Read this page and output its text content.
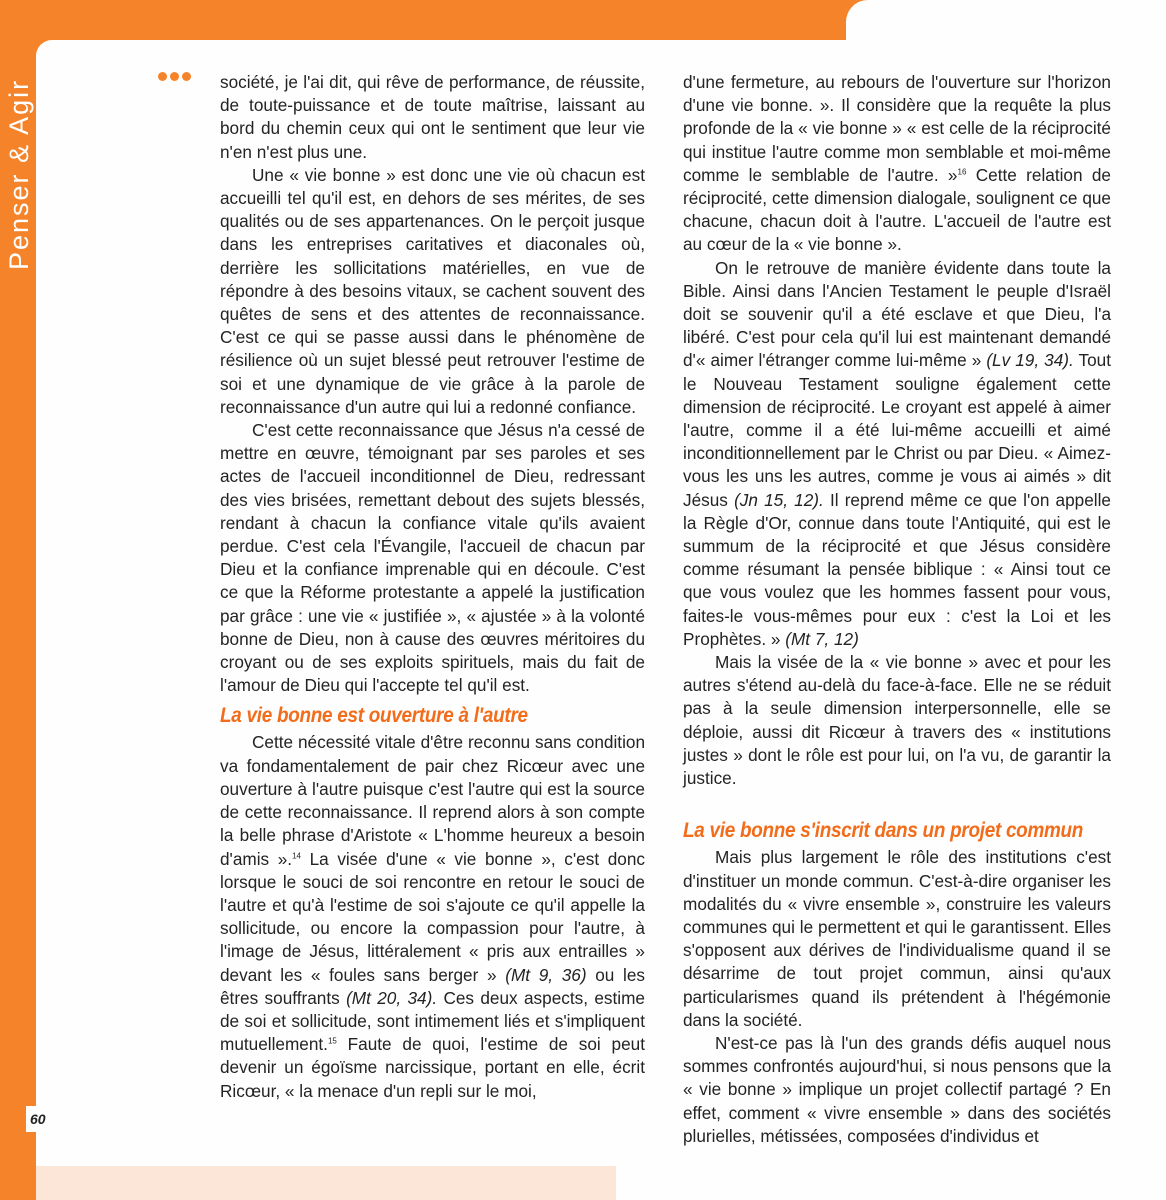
Penser & Agir	société, je l'ai dit, qui rêve de performance, de réussite, de toute-puissance et de toute maîtrise, laissant au bord du chemin ceux qui ont le sentiment que leur vie n'en n'est plus une.

Une « vie bonne » est donc une vie où chacun est accueilli tel qu'il est, en dehors de ses mérites, de ses qualités ou de ses appartenances. On le perçoit jusque dans les entreprises caritatives et diaconales où, derrière les sollicitations matérielles, en vue de répondre à des besoins vitaux, se cachent souvent des quêtes de sens et des attentes de reconnaissance. C'est ce qui se passe aussi dans le phénomène de résilience où un sujet blessé peut retrouver l'estime de soi et une dynamique de vie grâce à la parole de reconnaissance d'un autre qui lui a redonné confiance.

C'est cette reconnaissance que Jésus n'a cessé de mettre en œuvre, témoignant par ses paroles et ses actes de l'accueil inconditionnel de Dieu, redressant des vies brisées, remettant debout des sujets blessés, rendant à chacun la confiance vitale qu'ils avaient perdue. C'est cela l'Évangile, l'accueil de chacun par Dieu et la confiance imprenable qui en découle. C'est ce que la Réforme protestante a appelé la justification par grâce : une vie « justifiée », « ajustée » à la volonté bonne de Dieu, non à cause des œuvres méritoires du croyant ou de ses exploits spirituels, mais du fait de l'amour de Dieu qui l'accepte tel qu'il est.

La vie bonne est ouverture à l'autre

Cette nécessité vitale d'être reconnu sans condition va fondamentalement de pair chez Ricœur avec une ouverture à l'autre puisque c'est l'autre qui est la source de cette reconnaissance. Il reprend alors à son compte la belle phrase d'Aristote « L'homme heureux a besoin d'amis ».$^{14}$ La visée d'une « vie bonne », c'est donc lorsque le souci de soi rencontre en retour le souci de l'autre et qu'à l'estime de soi s'ajoute ce qu'il appelle la sollicitude, ou encore la compassion pour l'autre, à l'image de Jésus, littéralement « pris aux entrailles » devant les « foules sans berger » (Mt 9, 36) ou les êtres souffrants (Mt 20, 34). Ces deux aspects, estime de soi et sollicitude, sont intimement liés et s'impliquent mutuellement.$^{15}$ Faute de quoi, l'estime de soi peut devenir un égoïsme narcissique, portant en elle, écrit Ricœur, « la menace d'un repli sur le moi,

d'une fermeture, au rebours de l'ouverture sur l'horizon d'une vie bonne. ». Il considère que la requête la plus profonde de la « vie bonne » « est celle de la réciprocité qui institue l'autre comme mon semblable et moi-même comme le semblable de l'autre. »$^{16}$ Cette relation de réciprocité, cette dimension dialogale, soulignent ce que chacune, chacun doit à l'autre. L'accueil de l'autre est au cœur de la « vie bonne ».

On le retrouve de manière évidente dans toute la Bible. Ainsi dans l'Ancien Testament le peuple d'Israël doit se souvenir qu'il a été esclave et que Dieu, l'a libéré. C'est pour cela qu'il lui est maintenant demandé d'« aimer l'étranger comme lui-même » (Lv 19, 34). Tout le Nouveau Testament souligne également cette dimension de réciprocité. Le croyant est appelé à aimer l'autre, comme il a été lui-même accueilli et aimé inconditionnellement par le Christ ou par Dieu. « Aimez-vous les uns les autres, comme je vous ai aimés » dit Jésus (Jn 15, 12). Il reprend même ce que l'on appelle la Règle d'Or, connue dans toute l'Antiquité, qui est le summum de la réciprocité et que Jésus considère comme résumant la pensée biblique : « Ainsi tout ce que vous voulez que les hommes fassent pour vous, faites-le vous-mêmes pour eux : c'est la Loi et les Prophètes. » (Mt 7, 12)

Mais la visée de la « vie bonne » avec et pour les autres s'étend au-delà du face-à-face. Elle ne se réduit pas à la seule dimension interpersonnelle, elle se déploie, aussi dit Ricœur à travers des « institutions justes » dont le rôle est pour lui, on l'a vu, de garantir la justice.

La vie bonne s'inscrit dans un projet commun

Mais plus largement le rôle des institutions c'est d'instituer un monde commun. C'est-à-dire organiser les modalités du « vivre ensemble », construire les valeurs communes qui le permettent et qui le garantissent. Elles s'opposent aux dérives de l'individualisme quand il se désarrime de tout projet commun, ainsi qu'aux particularismes quand ils prétendent à l'hégémonie dans la société.

N'est-ce pas là l'un des grands défis auquel nous sommes confrontés aujourd'hui, si nous pensons que la « vie bonne » implique un projet collectif partagé ? En effet, comment « vivre ensemble » dans des sociétés plurielles, métissées, composées d'individus et

60
